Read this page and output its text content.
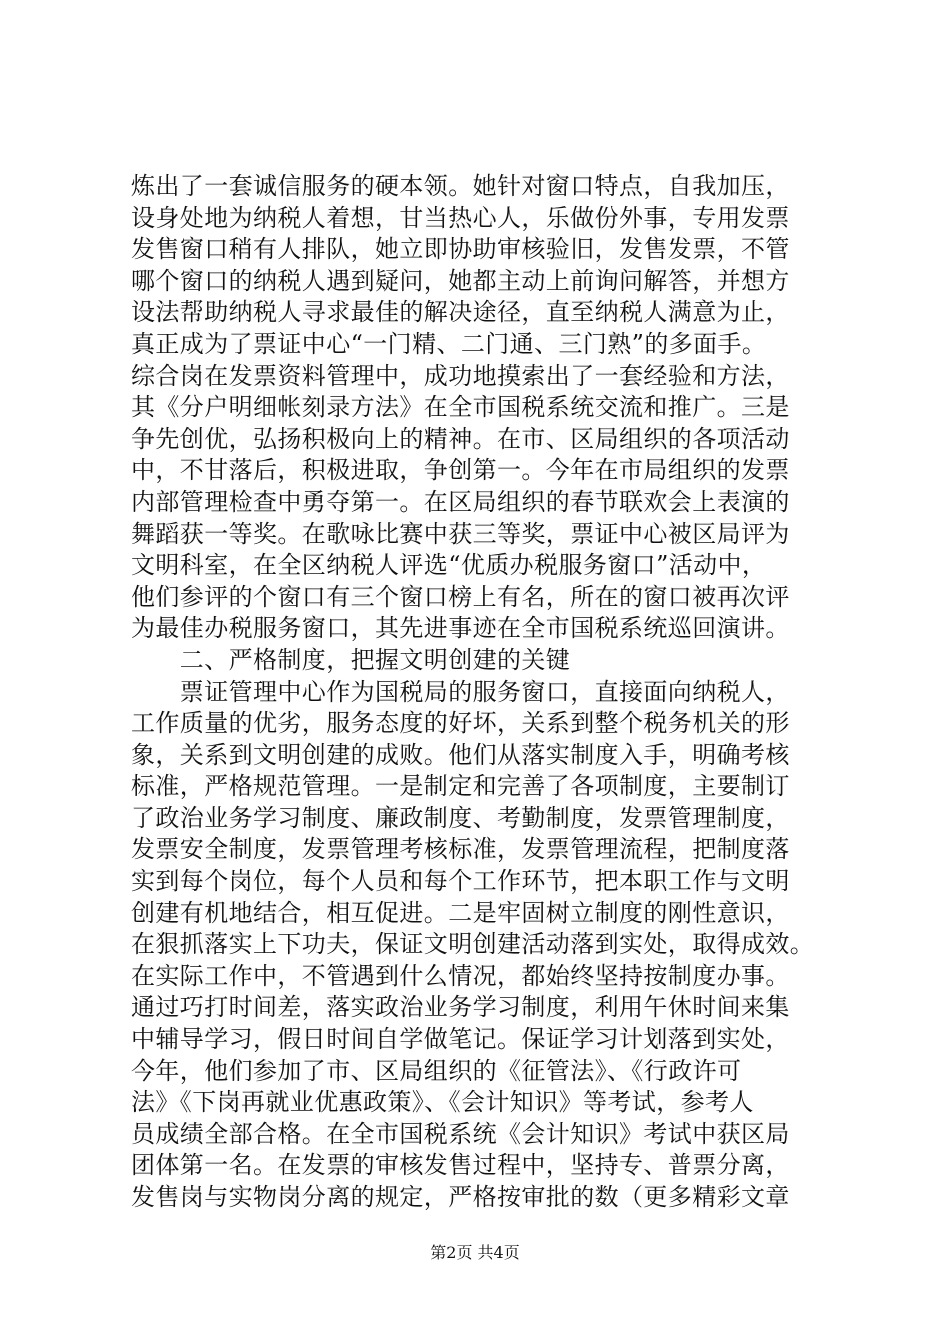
炼出了一套诚信服务的硬本领。她针对窗口特点，自我加压，
设身处地为纳税人着想，甘当热心人，乐做份外事，专用发票
发售窗口稍有人排队，她立即协助审核验旧，发售发票，不管
哪个窗口的纳税人遇到疑问，她都主动上前询问解答，并想方
设法帮助纳税人寻求最佳的解决途径，直至纳税人满意为止，
真正成为了票证中心“一门精、二门通、三门熟”的多面手。
综合岗在发票资料管理中，成功地摸索出了一套经验和方法，
其《分户明细帐刻录方法》在全市国税系统交流和推广。三是
争先创优，弘扬积极向上的精神。在市、区局组织的各项活动
中，不甘落后，积极进取，争创第一。今年在市局组织的发票
内部管理检查中勇夺第一。在区局组织的春节联欢会上表演的
舞蹈获一等奖。在歌咏比赛中获三等奖，票证中心被区局评为
文明科室，在全区纳税人评选“优质办税服务窗口”活动中，
他们参评的个窗口有三个窗口榜上有名，所在的窗口被再次评
为最佳办税服务窗口，其先进事迹在全市国税系统巡回演讲。
　　二、严格制度，把握文明创建的关键
　　票证管理中心作为国税局的服务窗口，直接面向纳税人，
工作质量的优劣，服务态度的好坏，关系到整个税务机关的形
象，关系到文明创建的成败。他们从落实制度入手，明确考核
标准，严格规范管理。一是制定和完善了各项制度，主要制订
了政治业务学习制度、廉政制度、考勤制度，发票管理制度，
发票安全制度，发票管理考核标准，发票管理流程，把制度落
实到每个岗位，每个人员和每个工作环节，把本职工作与文明
创建有机地结合，相互促进。二是牢固树立制度的刚性意识，
在狠抓落实上下功夫，保证文明创建活动落到实处，取得成效。
在实际工作中，不管遇到什么情况，都始终坚持按制度办事。
通过巧打时间差，落实政治业务学习制度，利用午休时间来集
中辅导学习，假日时间自学做笔记。保证学习计划落到实处，
今年，他们参加了市、区局组织的《征管法》、《行政许可
法》《下岗再就业优惠政策》、《会计知识》等考试，参考人
员成绩全部合格。在全市国税系统《会计知识》考试中获区局
团体第一名。在发票的审核发售过程中，坚持专、普票分离，
发售岗与实物岗分离的规定，严格按审批的数（更多精彩文章
第2页 共4页
